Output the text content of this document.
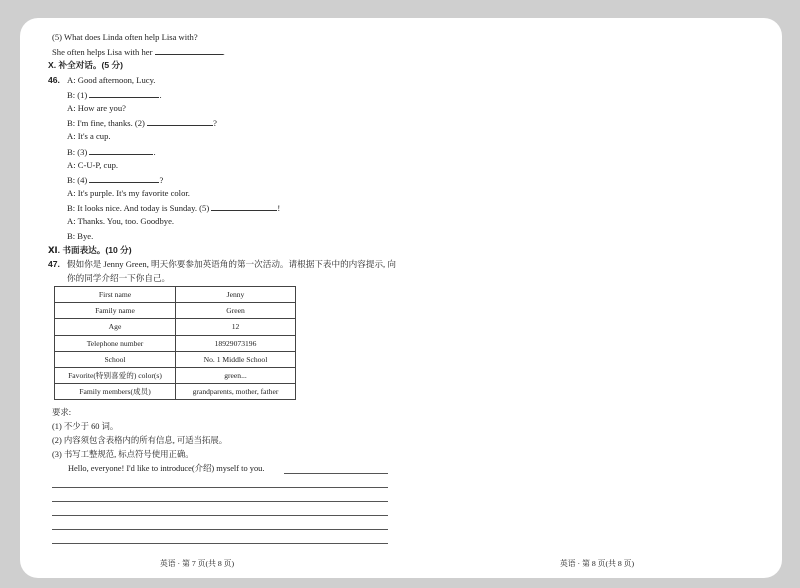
(5) What does Linda often help Lisa with?
She often helps Lisa with her	.
X. 补全对话。(5 分)
46. A: Good afternoon, Lucy.
B: (1)	.
A: How are you?
B: I'm fine, thanks. (2)	?
A: It's a cup.
B: (3)	.
A: C-U-P, cup.
B: (4)	?
A: It's purple. It's my favorite color.
B: It looks nice. And today is Sunday. (5)	!
A: Thanks. You, too. Goodbye.
B: Bye.
Ⅺ. 书面表达。(10 分)
47. 假如你是 Jenny Green, 明天你要参加英语角的第一次活动。请根据下表中的内容提示, 向
你的同学介绍一下你自己。
First name	Jenny
Family name	Green
Age	12
Telephone number	18929073196
School	No. 1 Middle School
Favorite(特别喜爱的) color(s)	green...
Family members(成员)	grandparents, mother, father
要求:
(1) 不少于 60 词。
(2) 内容须包含表格内的所有信息, 可适当拓展。
(3) 书写工整规范, 标点符号使用正确。
Hello, everyone! I'd like to introduce(介绍) myself to you.
英语 · 第 7 页(共 8 页)	英语 · 第 8 页(共 8 页)
